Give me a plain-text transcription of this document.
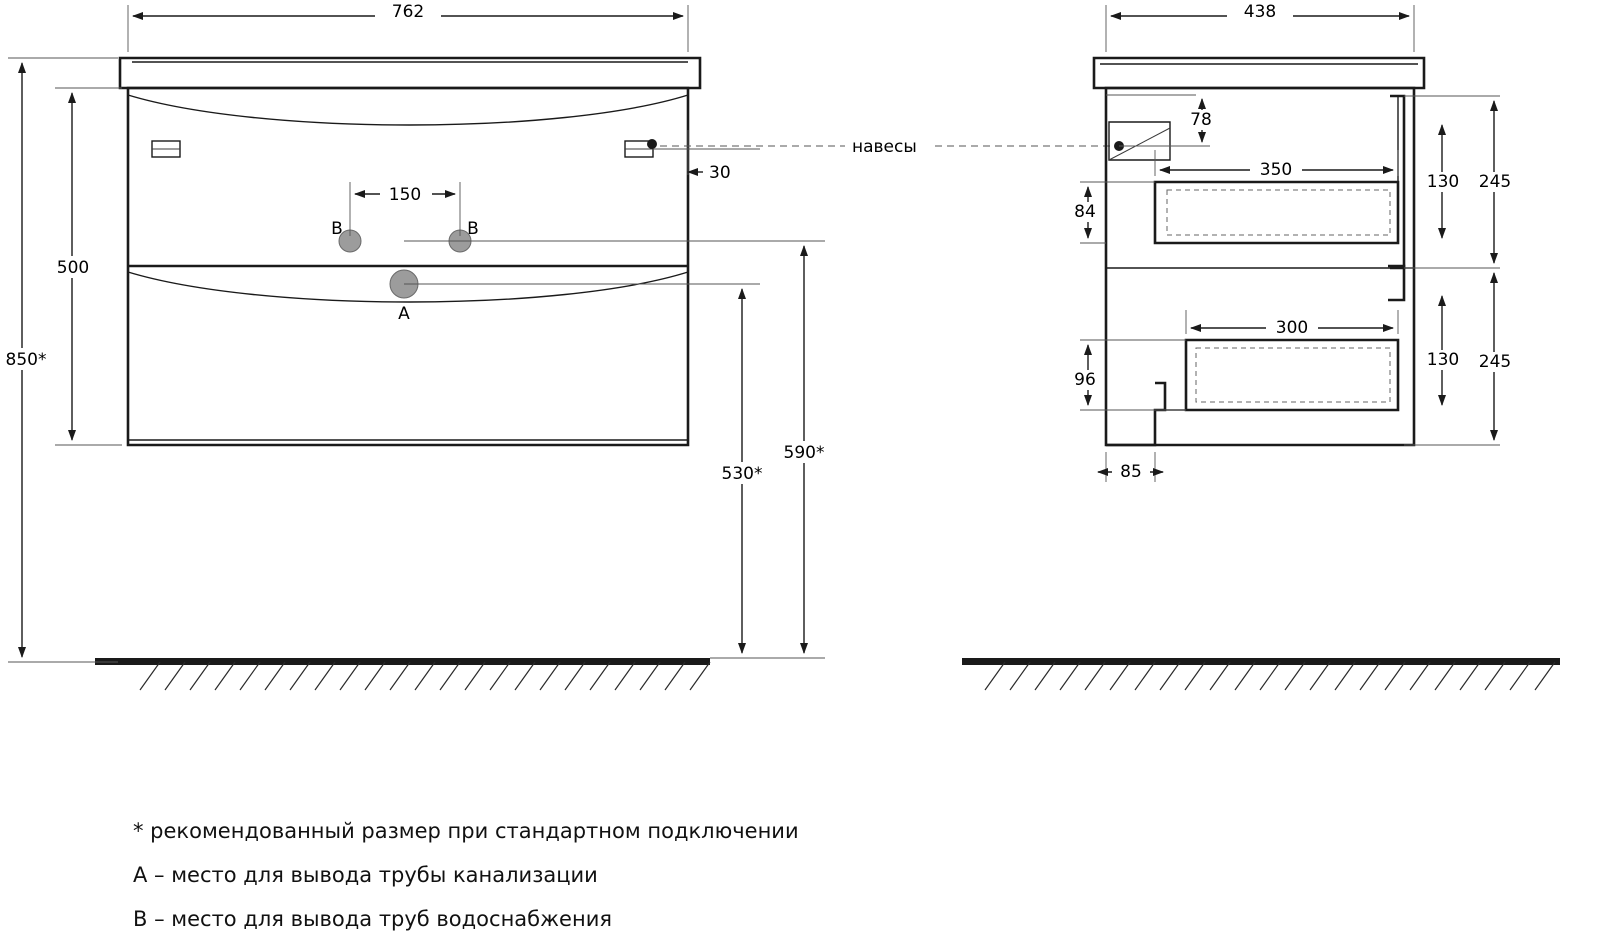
B	B
A
762
500
850*
150
30
530*
590*
навесы
438
78
350
84
130 245
300
96
130 245
85
* рекомендованный размер при стандартном подключении
А – место для вывода трубы канализации
В – место для вывода труб водоснабжения
